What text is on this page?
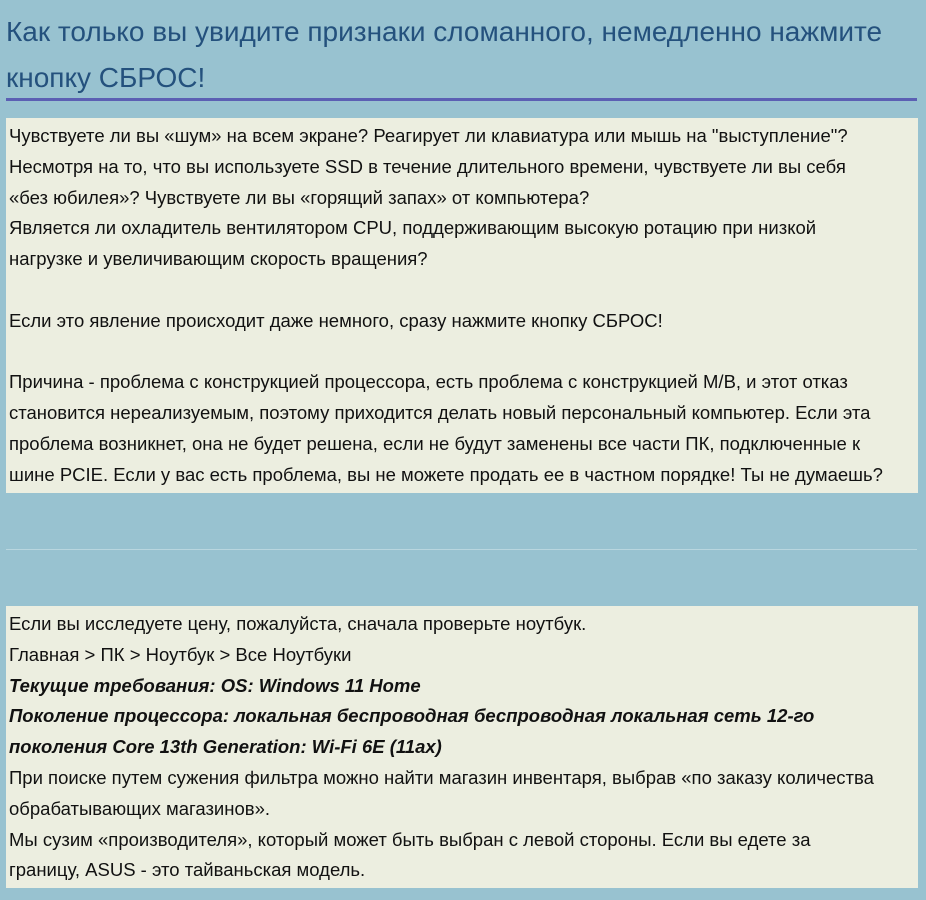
Как только вы увидите признаки сломанного, немедленно нажмите кнопку СБРОС!

Чувствуете ли вы «шум» на всем экране? Реагирует ли клавиатура или мышь на "выступление"?
Несмотря на то, что вы используете SSD в течение длительного времени, чувствуете ли вы себя
«без юбилея»? Чувствуете ли вы «горящий запах» от компьютера?
Является ли охладитель вентилятором CPU, поддерживающим высокую ротацию при низкой
нагрузке и увеличивающим скорость вращения?

Если это явление происходит даже немного, сразу нажмите кнопку СБРОС!

Причина - проблема с конструкцией процессора, есть проблема с конструкцией M/B, и этот отказ
становится нереализуемым, поэтому приходится делать новый персональный компьютер. Если эта
проблема возникнет, она не будет решена, если не будут заменены все части ПК, подключенные к
шине PCIE. Если у вас есть проблема, вы не можете продать ее в частном порядке! Ты не думаешь?

Если вы исследуете цену, пожалуйста, сначала проверьте ноутбук.

Главная > ПК > Ноутбук > Все Ноутбуки

Текущие требования: OS: Windows 11 Home

Поколение процессора: локальная беспроводная беспроводная локальная сеть 12-го
поколения Core 13th Generation: Wi-Fi 6E (11ax)

При поиске путем сужения фильтра можно найти магазин инвентаря, выбрав «по заказу количества
обрабатывающих магазинов».

Мы сузим «производителя», который может быть выбран с левой стороны. Если вы едете за
границу, ASUS - это тайваньская модель.
